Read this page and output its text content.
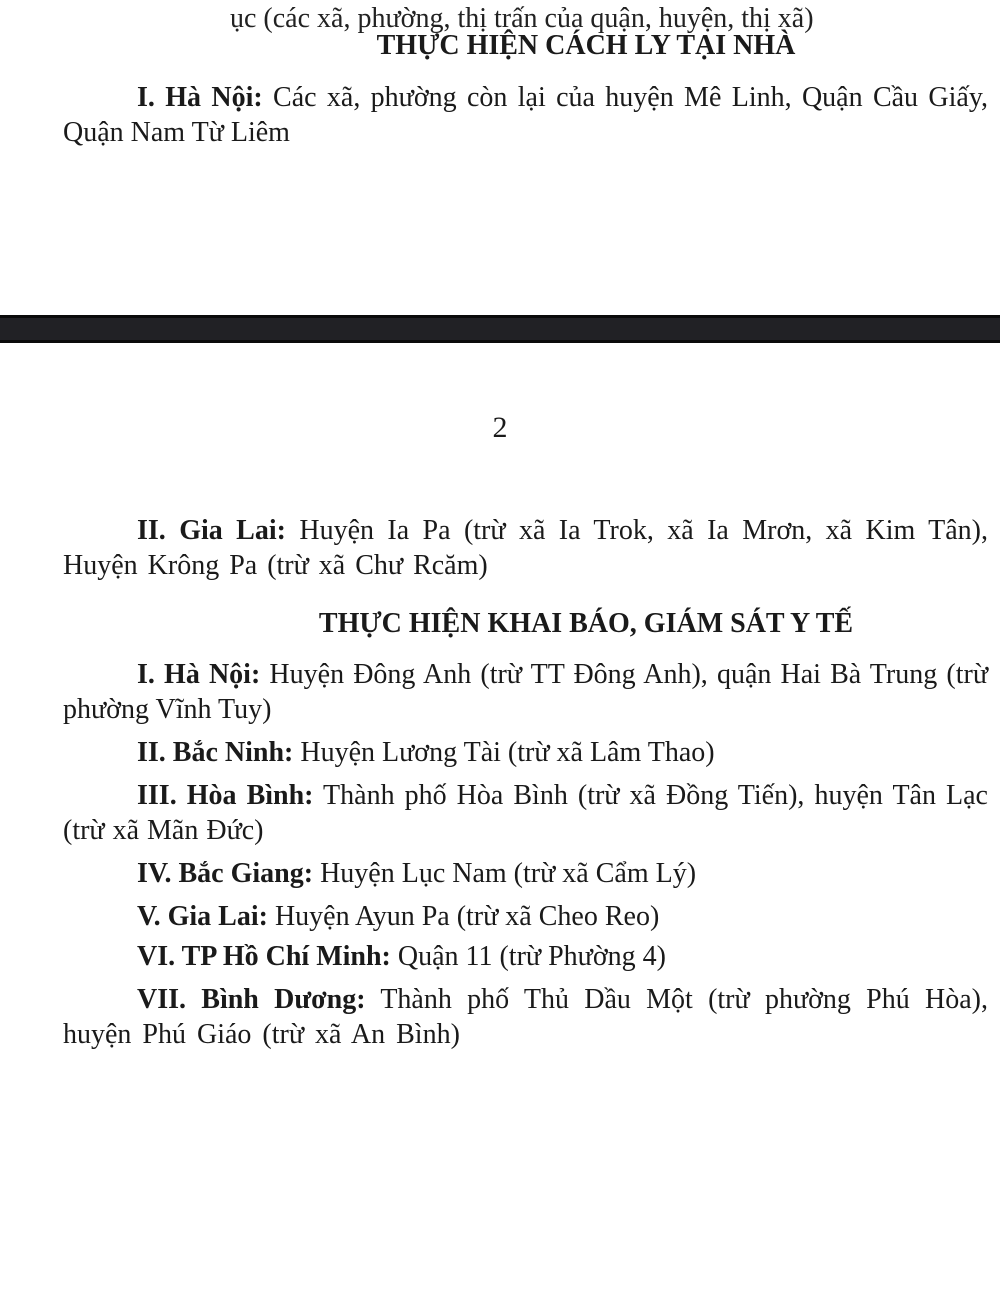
ục (các xã, phường, thị trấn của quận, huyện, thị xã)
THỰC HIỆN CÁCH LY TẠI NHÀ

I. Hà Nội: Các xã, phường còn lại của huyện Mê Linh, Quận Cầu Giấy, Quận Nam Từ Liêm

2

II. Gia Lai: Huyện Ia Pa (trừ xã Ia Trok, xã Ia Mrơn, xã Kim Tân), Huyện Krông Pa (trừ xã Chư Rcăm)

THỰC HIỆN KHAI BÁO, GIÁM SÁT Y TẾ

I. Hà Nội: Huyện Đông Anh (trừ TT Đông Anh), quận Hai Bà Trung (trừ phường Vĩnh Tuy)

II. Bắc Ninh: Huyện Lương Tài (trừ xã Lâm Thao)

III. Hòa Bình: Thành phố Hòa Bình (trừ xã Đồng Tiến), huyện Tân Lạc (trừ xã Mãn Đức)

IV. Bắc Giang: Huyện Lục Nam (trừ xã Cẩm Lý)

V. Gia Lai: Huyện Ayun Pa (trừ xã Cheo Reo)

VI. TP Hồ Chí Minh: Quận 11 (trừ Phường 4)

VII. Bình Dương: Thành phố Thủ Dầu Một (trừ phường Phú Hòa), huyện Phú Giáo (trừ xã An Bình)
